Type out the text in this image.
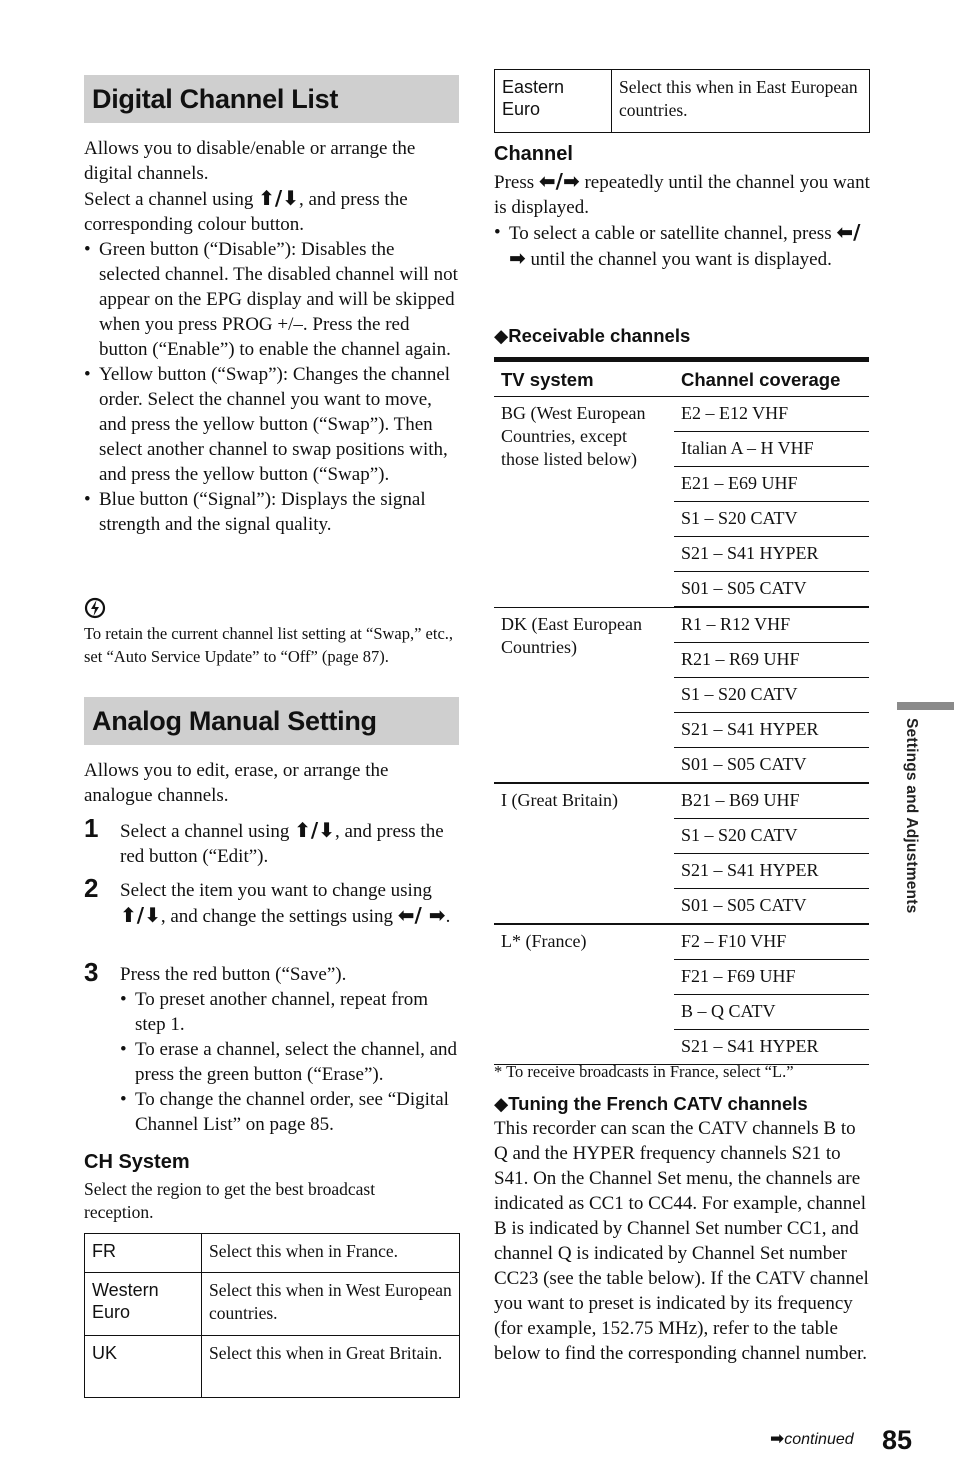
Digital Channel List

Allows you to disable/enable or arrange the digital channels.

Select a channel using ⬆/⬇, and press the corresponding colour button.

• Green button (“Disable”): Disables the selected channel. The disabled channel will not appear on the EPG display and will be skipped when you press PROG +/–. Press the red button (“Enable”) to enable the channel again.

• Yellow button (“Swap”): Changes the channel order. Select the channel you want to move, and press the yellow button (“Swap”). Then select another channel to swap positions with, and press the yellow button (“Swap”).

• Blue button (“Signal”): Displays the signal strength and the signal quality.

To retain the current channel list setting at “Swap,” etc., set “Auto Service Update” to “Off” (page 87).

Analog Manual Setting

Allows you to edit, erase, or arrange the analogue channels.

1 Select a channel using ⬆/⬇, and press the red button (“Edit”).

2 Select the item you want to change using ⬆/⬇, and change the settings using ⬅/ ➡.

3 Press the red button (“Save”).

• To preset another channel, repeat from step 1.

• To erase a channel, select the channel, and press the green button (“Erase”).

• To change the channel order, see “Digital Channel List” on page 85.

CH System

Select the region to get the best broadcast reception.

FR	Select this when in France.
Western Euro	Select this when in West European countries.
UK	Select this when in Great Britain.
Eastern Euro	Select this when in East European countries.
Channel

Press ⬅/➡ repeatedly until the channel you want is displayed.

• To select a cable or satellite channel, press ⬅/➡ until the channel you want is displayed.

◆Receivable channels
TV system	Channel coverage
BG (West European Countries, except those listed below)	E2 – E12 VHF
	Italian A – H VHF
	E21 – E69 UHF
	S1 – S20 CATV
	S21 – S41 HYPER
	S01 – S05 CATV
DK (East European Countries)	R1 – R12 VHF
	R21 – R69 UHF
	S1 – S20 CATV
	S21 – S41 HYPER
	S01 – S05 CATV
I (Great Britain)	B21 – B69 UHF
	S1 – S20 CATV
	S21 – S41 HYPER
	S01 – S05 CATV
L* (France)	F2 – F10 VHF
	F21 – F69 UHF
	B – Q CATV
	S21 – S41 HYPER

* To receive broadcasts in France, select “L.”

◆Tuning the French CATV channels

This recorder can scan the CATV channels B to Q and the HYPER frequency channels S21 to S41. On the Channel Set menu, the channels are indicated as CC1 to CC44. For example, channel B is indicated by Channel Set number CC1, and channel Q is indicated by Channel Set number CC23 (see the table below). If the CATV channel you want to preset is indicated by its frequency (for example, 152.75 MHz), refer to the table below to find the corresponding channel number.

Settings and Adjustments
➡continued 85
